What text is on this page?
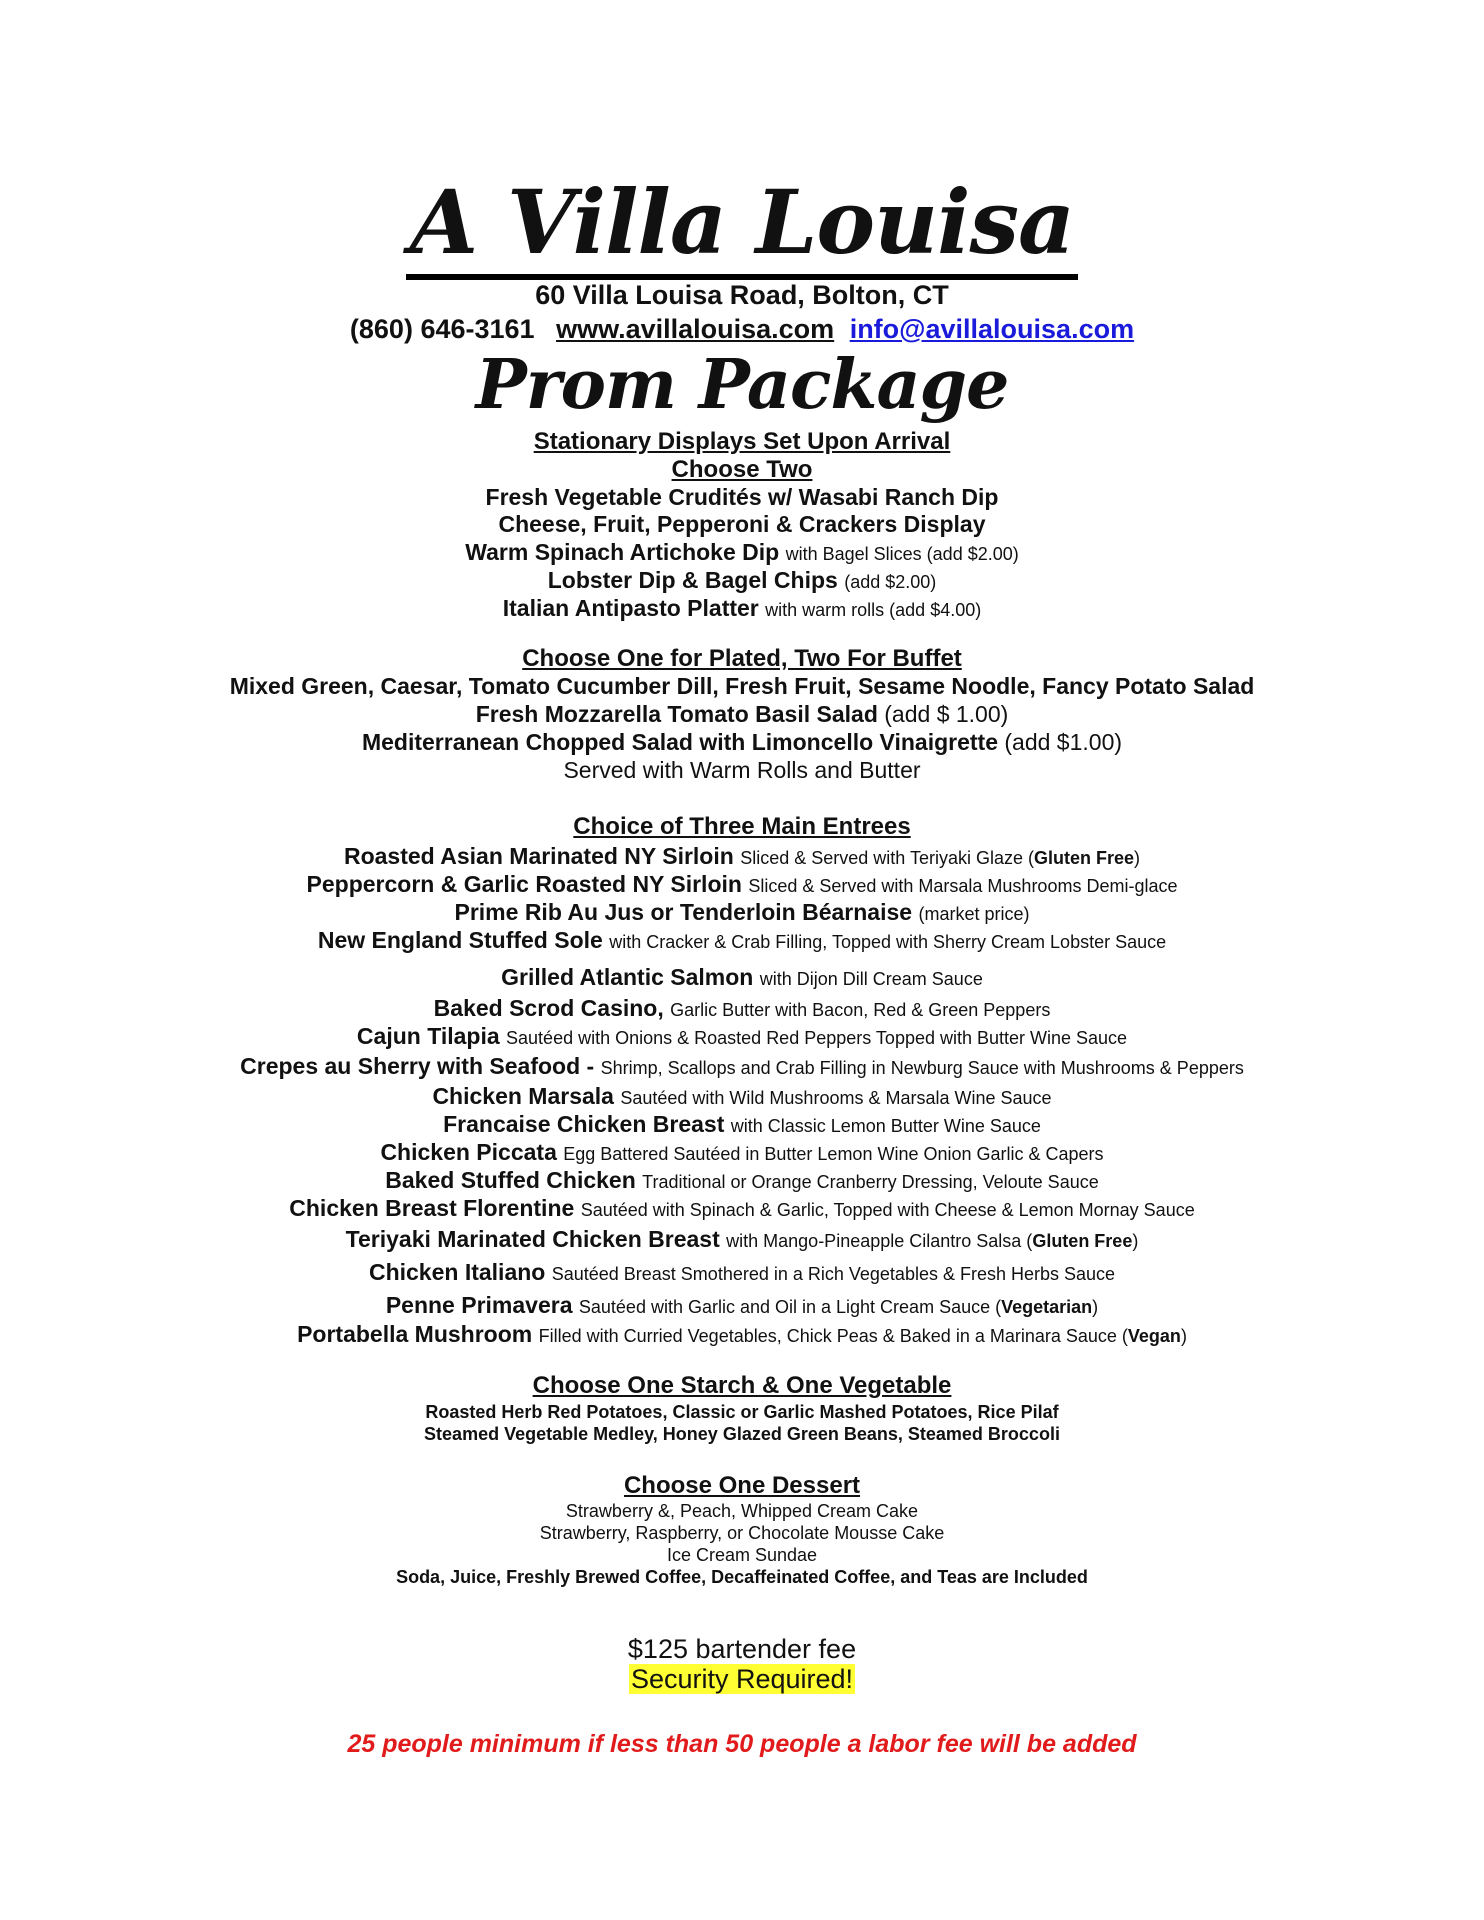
A Villa Louisa
60 Villa Louisa Road, Bolton, CT
(860) 646-3161 www.avillalouisa.com info@avillalouisa.com
Prom Package
Stationary Displays Set Upon Arrival
Choose Two
Fresh Vegetable Crudités w/ Wasabi Ranch Dip
Cheese, Fruit, Pepperoni & Crackers Display
Warm Spinach Artichoke Dip with Bagel Slices (add $2.00)
Lobster Dip & Bagel Chips (add $2.00)
Italian Antipasto Platter with warm rolls (add $4.00)
Choose One for Plated, Two For Buffet
Mixed Green, Caesar, Tomato Cucumber Dill, Fresh Fruit, Sesame Noodle, Fancy Potato Salad
Fresh Mozzarella Tomato Basil Salad (add $ 1.00)
Mediterranean Chopped Salad with Limoncello Vinaigrette (add $1.00)
Served with Warm Rolls and Butter
Choice of Three Main Entrees
Roasted Asian Marinated NY Sirloin Sliced & Served with Teriyaki Glaze (Gluten Free)
Peppercorn & Garlic Roasted NY Sirloin Sliced & Served with Marsala Mushrooms Demi-glace
Prime Rib Au Jus or Tenderloin Béarnaise (market price)
New England Stuffed Sole with Cracker & Crab Filling, Topped with Sherry Cream Lobster Sauce
Grilled Atlantic Salmon with Dijon Dill Cream Sauce
Baked Scrod Casino, Garlic Butter with Bacon, Red & Green Peppers
Cajun Tilapia Sautéed with Onions & Roasted Red Peppers Topped with Butter Wine Sauce
Crepes au Sherry with Seafood - Shrimp, Scallops and Crab Filling in Newburg Sauce with Mushrooms & Peppers
Chicken Marsala Sautéed with Wild Mushrooms & Marsala Wine Sauce
Francaise Chicken Breast with Classic Lemon Butter Wine Sauce
Chicken Piccata Egg Battered Sautéed in Butter Lemon Wine Onion Garlic & Capers
Baked Stuffed Chicken Traditional or Orange Cranberry Dressing, Veloute Sauce
Chicken Breast Florentine Sautéed with Spinach & Garlic, Topped with Cheese & Lemon Mornay Sauce
Teriyaki Marinated Chicken Breast with Mango-Pineapple Cilantro Salsa (Gluten Free)
Chicken Italiano Sautéed Breast Smothered in a Rich Vegetables & Fresh Herbs Sauce
Penne Primavera Sautéed with Garlic and Oil in a Light Cream Sauce (Vegetarian)
Portabella Mushroom Filled with Curried Vegetables, Chick Peas & Baked in a Marinara Sauce (Vegan)
Choose One Starch & One Vegetable
Roasted Herb Red Potatoes, Classic or Garlic Mashed Potatoes, Rice Pilaf
Steamed Vegetable Medley, Honey Glazed Green Beans, Steamed Broccoli
Choose One Dessert
Strawberry &, Peach, Whipped Cream Cake
Strawberry, Raspberry, or Chocolate Mousse Cake
Ice Cream Sundae
Soda, Juice, Freshly Brewed Coffee, Decaffeinated Coffee, and Teas are Included
$125 bartender fee
Security Required!
25 people minimum if less than 50 people a labor fee will be added
